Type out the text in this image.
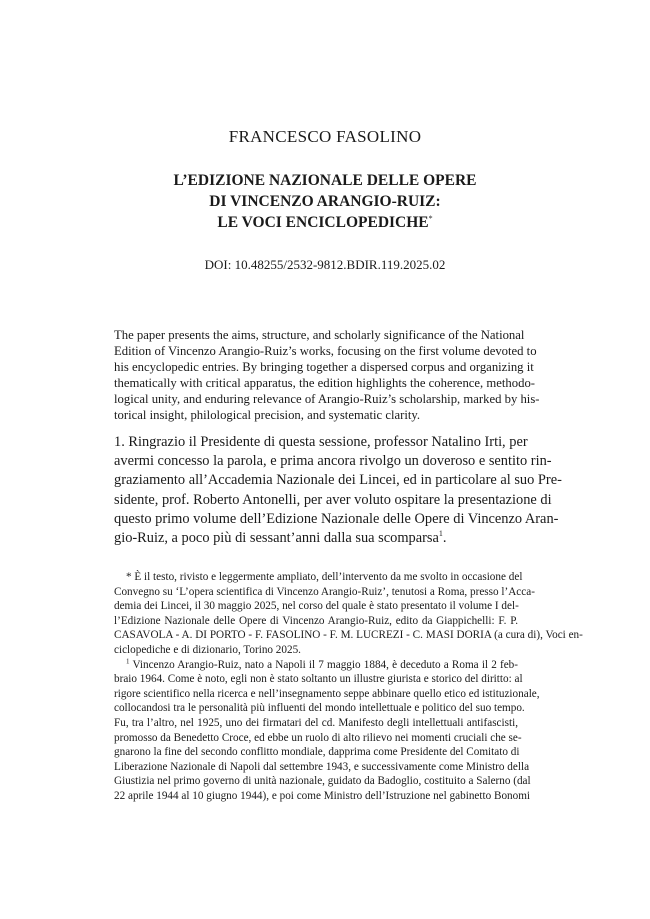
FRANCESCO FASOLINO
L’EDIZIONE NAZIONALE DELLE OPERE
DI VINCENZO ARANGIO-RUIZ:
LE VOCI ENCICLOPEDICHE*
DOI: 10.48255/2532-9812.BDIR.119.2025.02
The paper presents the aims, structure, and scholarly significance of the National
Edition of Vincenzo Arangio-Ruiz’s works, focusing on the first volume devoted to
his encyclopedic entries. By bringing together a dispersed corpus and organizing it
thematically with critical apparatus, the edition highlights the coherence, methodo-
logical unity, and enduring relevance of Arangio-Ruiz’s scholarship, marked by his-
torical insight, philological precision, and systematic clarity.
1. Ringrazio il Presidente di questa sessione, professor Natalino Irti, per
avermi concesso la parola, e prima ancora rivolgo un doveroso e sentito rin-
graziamento all’Accademia Nazionale dei Lincei, ed in particolare al suo Pre-
sidente, prof. Roberto Antonelli, per aver voluto ospitare la presentazione di
questo primo volume dell’Edizione Nazionale delle Opere di Vincenzo Aran-
gio-Ruiz, a poco più di sessant’anni dalla sua scomparsa$^1$.
* È il testo, rivisto e leggermente ampliato, dell’intervento da me svolto in occasione del
Convegno su ‘L’opera scientifica di Vincenzo Arangio-Ruiz’, tenutosi a Roma, presso l’Acca-
demia dei Lincei, il 30 maggio 2025, nel corso del quale è stato presentato il volume I del-
l’Edizione Nazionale delle Opere di Vincenzo Arangio-Ruiz, edito da Giappichelli: F. P.
CASAVOLA - A. DI PORTO - F. FASOLINO - F. M. LUCREZI - C. MASI DORIA (a cura di), Voci en-
ciclopediche e di dizionario, Torino 2025.
$^1$ Vincenzo Arangio-Ruiz, nato a Napoli il 7 maggio 1884, è deceduto a Roma il 2 feb-
braio 1964. Come è noto, egli non è stato soltanto un illustre giurista e storico del diritto: al
rigore scientifico nella ricerca e nell’insegnamento seppe abbinare quello etico ed istituzionale,
collocandosi tra le personalità più influenti del mondo intellettuale e politico del suo tempo.
Fu, tra l’altro, nel 1925, uno dei firmatari del cd. Manifesto degli intellettuali antifascisti,
promosso da Benedetto Croce, ed ebbe un ruolo di alto rilievo nei momenti cruciali che se-
gnarono la fine del secondo conflitto mondiale, dapprima come Presidente del Comitato di
Liberazione Nazionale di Napoli dal settembre 1943, e successivamente come Ministro della
Giustizia nel primo governo di unità nazionale, guidato da Badoglio, costituito a Salerno (dal
22 aprile 1944 al 10 giugno 1944), e poi come Ministro dell’Istruzione nel gabinetto Bonomi
